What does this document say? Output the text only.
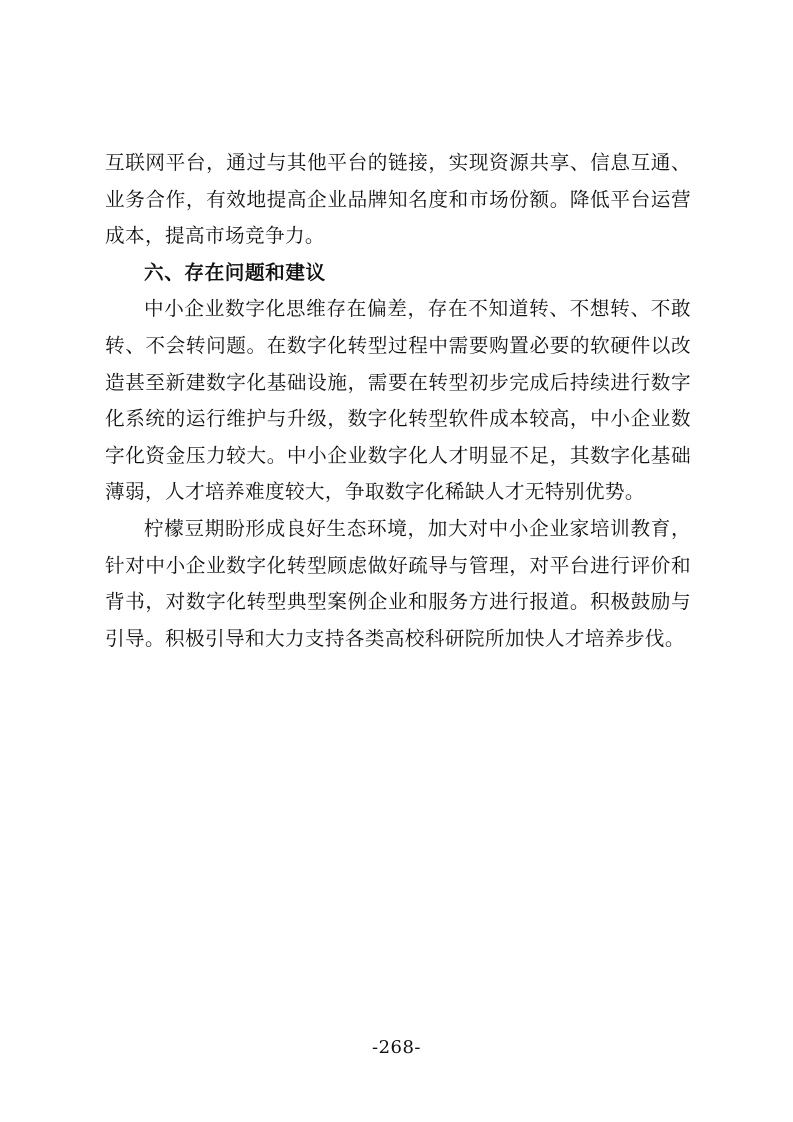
互联网平台，通过与其他平台的链接，实现资源共享、信息互通、业务合作，有效地提高企业品牌知名度和市场份额。降低平台运营成本，提高市场竞争力。

六、存在问题和建议

中小企业数字化思维存在偏差，存在不知道转、不想转、不敢转、不会转问题。在数字化转型过程中需要购置必要的软硬件以改造甚至新建数字化基础设施，需要在转型初步完成后持续进行数字化系统的运行维护与升级，数字化转型软件成本较高，中小企业数字化资金压力较大。中小企业数字化人才明显不足，其数字化基础薄弱，人才培养难度较大，争取数字化稀缺人才无特别优势。

柠檬豆期盼形成良好生态环境，加大对中小企业家培训教育，针对中小企业数字化转型顾虑做好疏导与管理，对平台进行评价和背书，对数字化转型典型案例企业和服务方进行报道。积极鼓励与引导。积极引导和大力支持各类高校科研院所加快人才培养步伐。

-268-
